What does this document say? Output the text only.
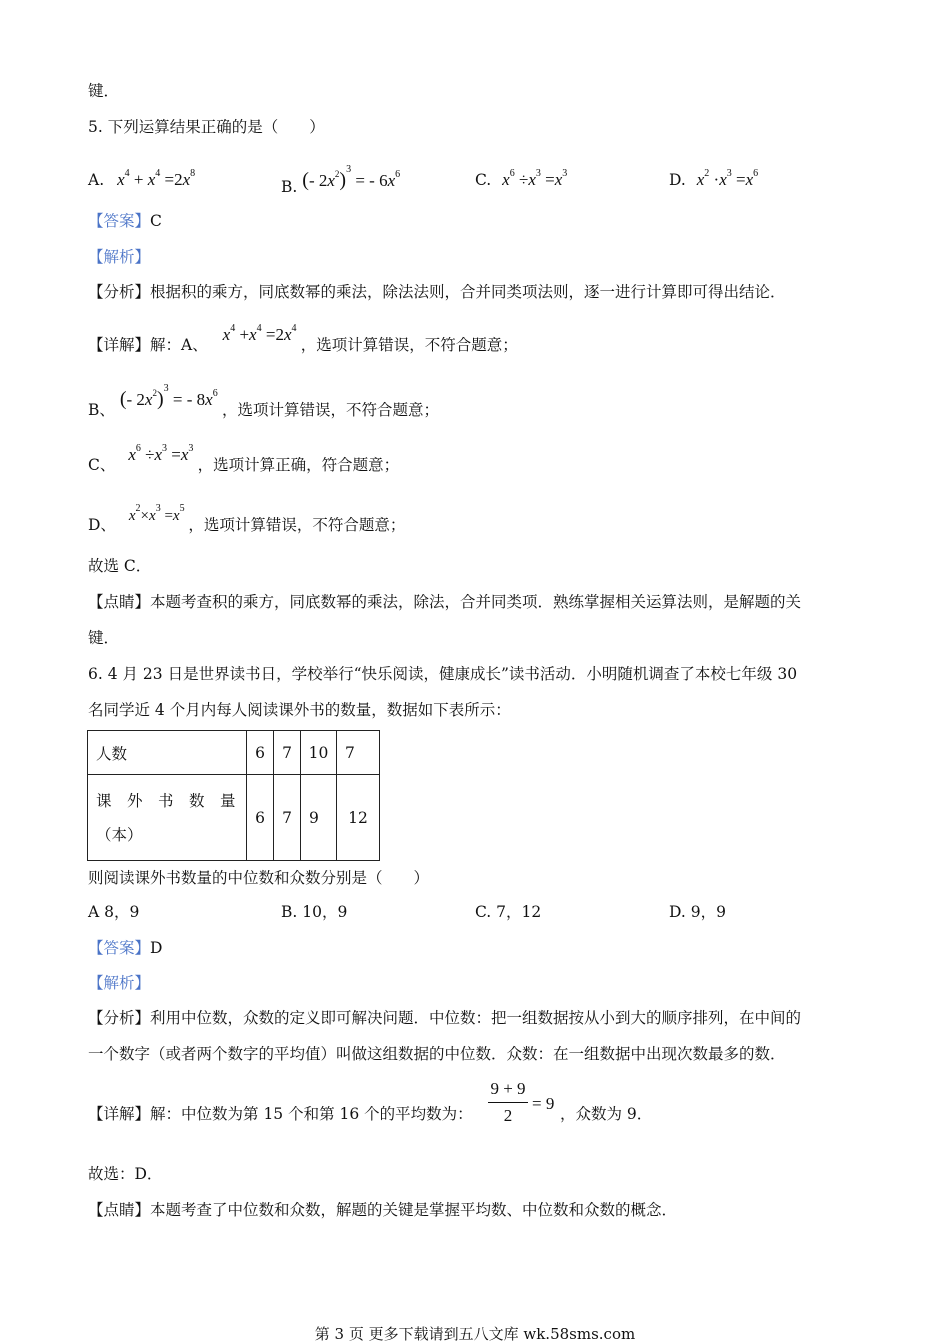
键．
5. 下列运算结果正确的是（　　）
A. $x^4 + x^4 =2x^8$
B. (- $2x^2)^3$ = - $6x^6$	C. $x^6 \div x^3 =x^3$	D. $x^2 \cdot x^3 =x^6$
【答案】C
【解析】
【分析】根据积的乘方，同底数幂的乘法，除法法则，合并同类项法则，逐一进行计算即可得出结论．
【详解】解：A、 $x^4 +x^4 =2x^4$ ，选项计算错误，不符合题意；
B、 (- $2x^2)^3$ = - $8x^6$ ，选项计算错误，不符合题意；
C、 $x^6 \div x^3 =x^3$ ，选项计算正确，符合题意；
D、 $x^2\times x^3 =x^5$ ，选项计算错误，不符合题意；
故选 C．
【点睛】本题考查积的乘方，同底数幂的乘法，除法，合并同类项．熟练掌握相关运算法则，是解题的关
键．
6. 4 月 23 日是世界读书日，学校举行“快乐阅读，健康成长”读书活动．小明随机调查了本校七年级 30
名同学近 4 个月内每人阅读课外书的数量，数据如下表所示：
人数	6	7	10	7

课　外　书　数　量
（本）	6	7	9	12
则阅读课外书数量的中位数和众数分别是（　　）
A 8，9	B. 10，9	C. 7，12	D. 9，9
【答案】D
【解析】
【分析】利用中位数，众数的定义即可解决问题．中位数：把一组数据按从小到大的顺序排列，在中间的
一个数字（或者两个数字的平均值）叫做这组数据的中位数．众数：在一组数据中出现次数最多的数．
【详解】解：中位数为第 15 个和第 16 个的平均数为：
9 + 9
2
= 9
，众数为 9．
故选：D．
【点睛】本题考查了中位数和众数，解题的关键是掌握平均数、中位数和众数的概念．
第 3 页 更多下载请到五八文库 wk.58sms.com
